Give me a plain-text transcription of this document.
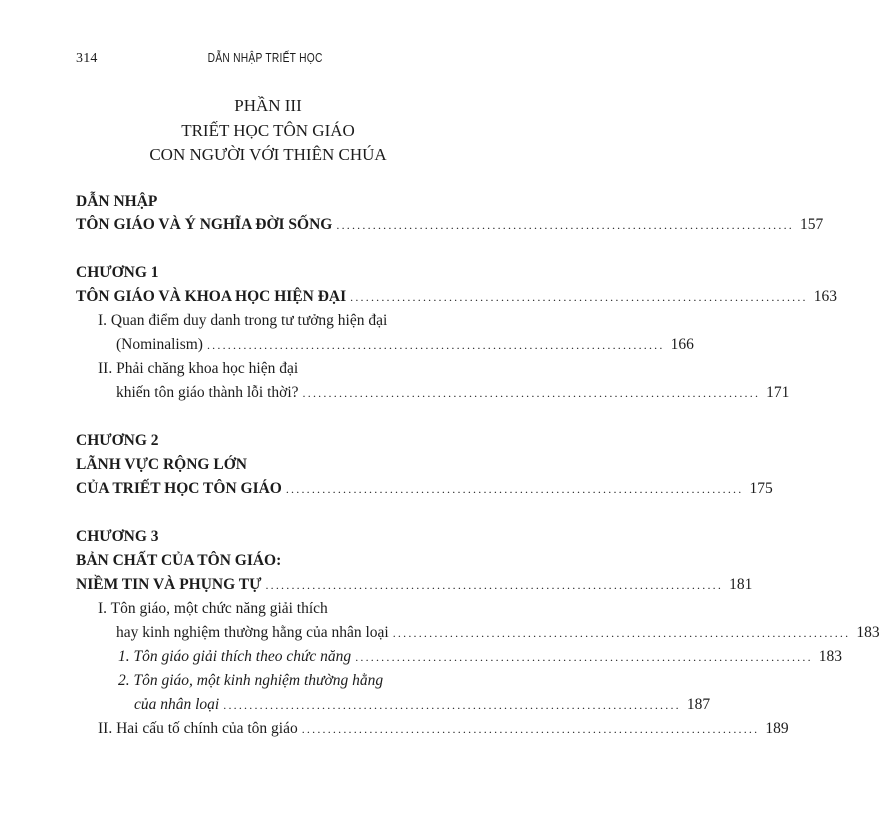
314	DẪN NHẬP TRIẾT HỌC
PHẦN III
TRIẾT HỌC TÔN GIÁO
CON NGƯỜI VỚI THIÊN CHÚA
DẪN NHẬP
TÔN GIÁO VÀ Ý NGHĨA ĐỜI SỐNG ........................................................................................ 157
CHƯƠNG 1
TÔN GIÁO VÀ KHOA HỌC HIỆN ĐẠI ........................................................................................ 163
I. Quan điểm duy danh trong tư tưởng hiện đại
(Nominalism) ........................................................................................ 166
II. Phải chăng khoa học hiện đại
khiến tôn giáo thành lỗi thời? ........................................................................................ 171
CHƯƠNG 2
LÃNH VỰC RỘNG LỚN
CỦA TRIẾT HỌC TÔN GIÁO ........................................................................................ 175
CHƯƠNG 3
BẢN CHẤT CỦA TÔN GIÁO:
NIỀM TIN VÀ PHỤNG TỰ ........................................................................................ 181
I. Tôn giáo, một chức năng giải thích
hay kinh nghiệm thường hằng của nhân loại ........................................................................................ 183
1. Tôn giáo giải thích theo chức năng ........................................................................................ 183
2. Tôn giáo, một kinh nghiệm thường hằng
của nhân loại ........................................................................................ 187
II. Hai cấu tố chính của tôn giáo ........................................................................................ 189
